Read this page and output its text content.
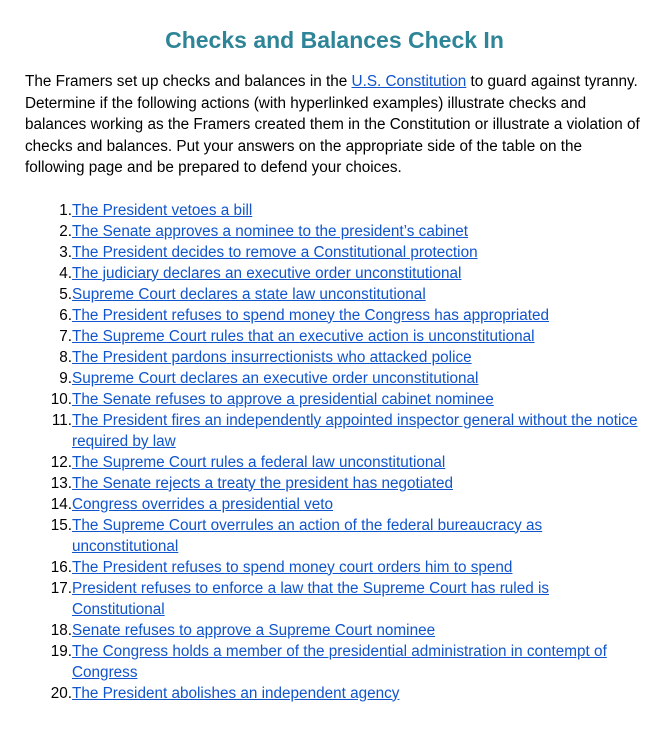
Checks and Balances Check In

The Framers set up checks and balances in the U.S. Constitution to guard against tyranny. Determine if the following actions (with hyperlinked examples) illustrate checks and balances working as the Framers created them in the Constitution or illustrate a violation of checks and balances. Put your answers on the appropriate side of the table on the following page and be prepared to defend your choices.

1. The President vetoes a bill
2. The Senate approves a nominee to the president’s cabinet
3. The President decides to remove a Constitutional protection
4. The judiciary declares an executive order unconstitutional
5. Supreme Court declares a state law unconstitutional
6. The President refuses to spend money the Congress has appropriated
7. The Supreme Court rules that an executive action is unconstitutional
8. The President pardons insurrectionists who attacked police
9. Supreme Court declares an executive order unconstitutional
10. The Senate refuses to approve a presidential cabinet nominee
11. The President fires an independently appointed inspector general without the notice required by law
12. The Supreme Court rules a federal law unconstitutional
13. The Senate rejects a treaty the president has negotiated
14. Congress overrides a presidential veto
15. The Supreme Court overrules an action of the federal bureaucracy as unconstitutional
16. The President refuses to spend money court orders him to spend
17. President refuses to enforce a law that the Supreme Court has ruled is Constitutional
18. Senate refuses to approve a Supreme Court nominee
19. The Congress holds a member of the presidential administration in contempt of Congress
20. The President abolishes an independent agency
